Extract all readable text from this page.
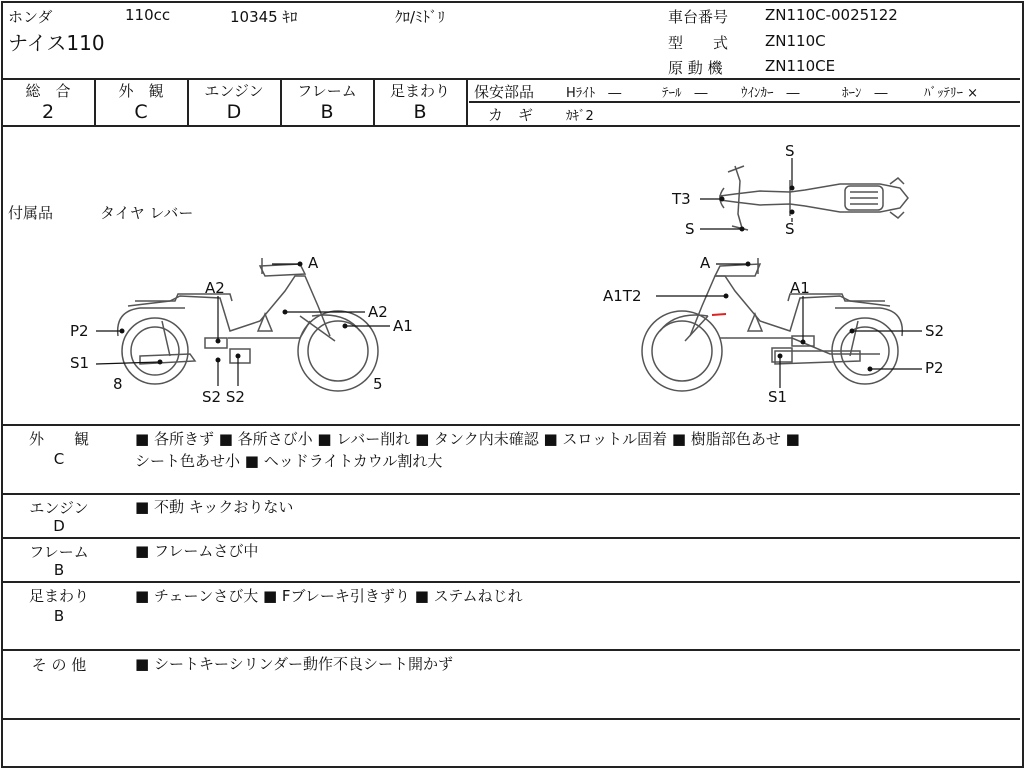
ホンダ	110cc	10345 ｷﾛ	ｸﾛ/ﾐﾄﾞﾘ
ナイス110
車台番号 ZN110C-0025122
型　　式 ZN110C
原 動 機	ZN110CE
総　合
2
外　観
C
エンジン
D
フレーム
B
足まわり
B
保安部品 Hﾗｲﾄ　―	ﾃｰﾙ　―	ｳｲﾝｶｰ　―	ﾎｰﾝ　―	ﾊﾞｯﾃﾘｰ ×
カ　ギ	ｶｷﾞ2
付属品	タイヤ レバー
S
T3
S	S
A
A2
A2
A1
P2
S1
8
S2 S2
5
A
A1T2	A1
S2
P2
S1
外　　観
C
■ 各所きず ■ 各所さび小 ■ レバー削れ ■ タンク内未確認 ■ スロットル固着 ■ 樹脂部色あせ ■
シート色あせ小 ■ ヘッドライトカウル割れ大
エンジン
D
■ 不動 キックおりない
フレーム
B
■ フレームさび中
足まわり
B
■ チェーンさび大 ■ Fブレーキ引きずり ■ ステムねじれ
そ の 他	■ シートキーシリンダー動作不良シート開かず
